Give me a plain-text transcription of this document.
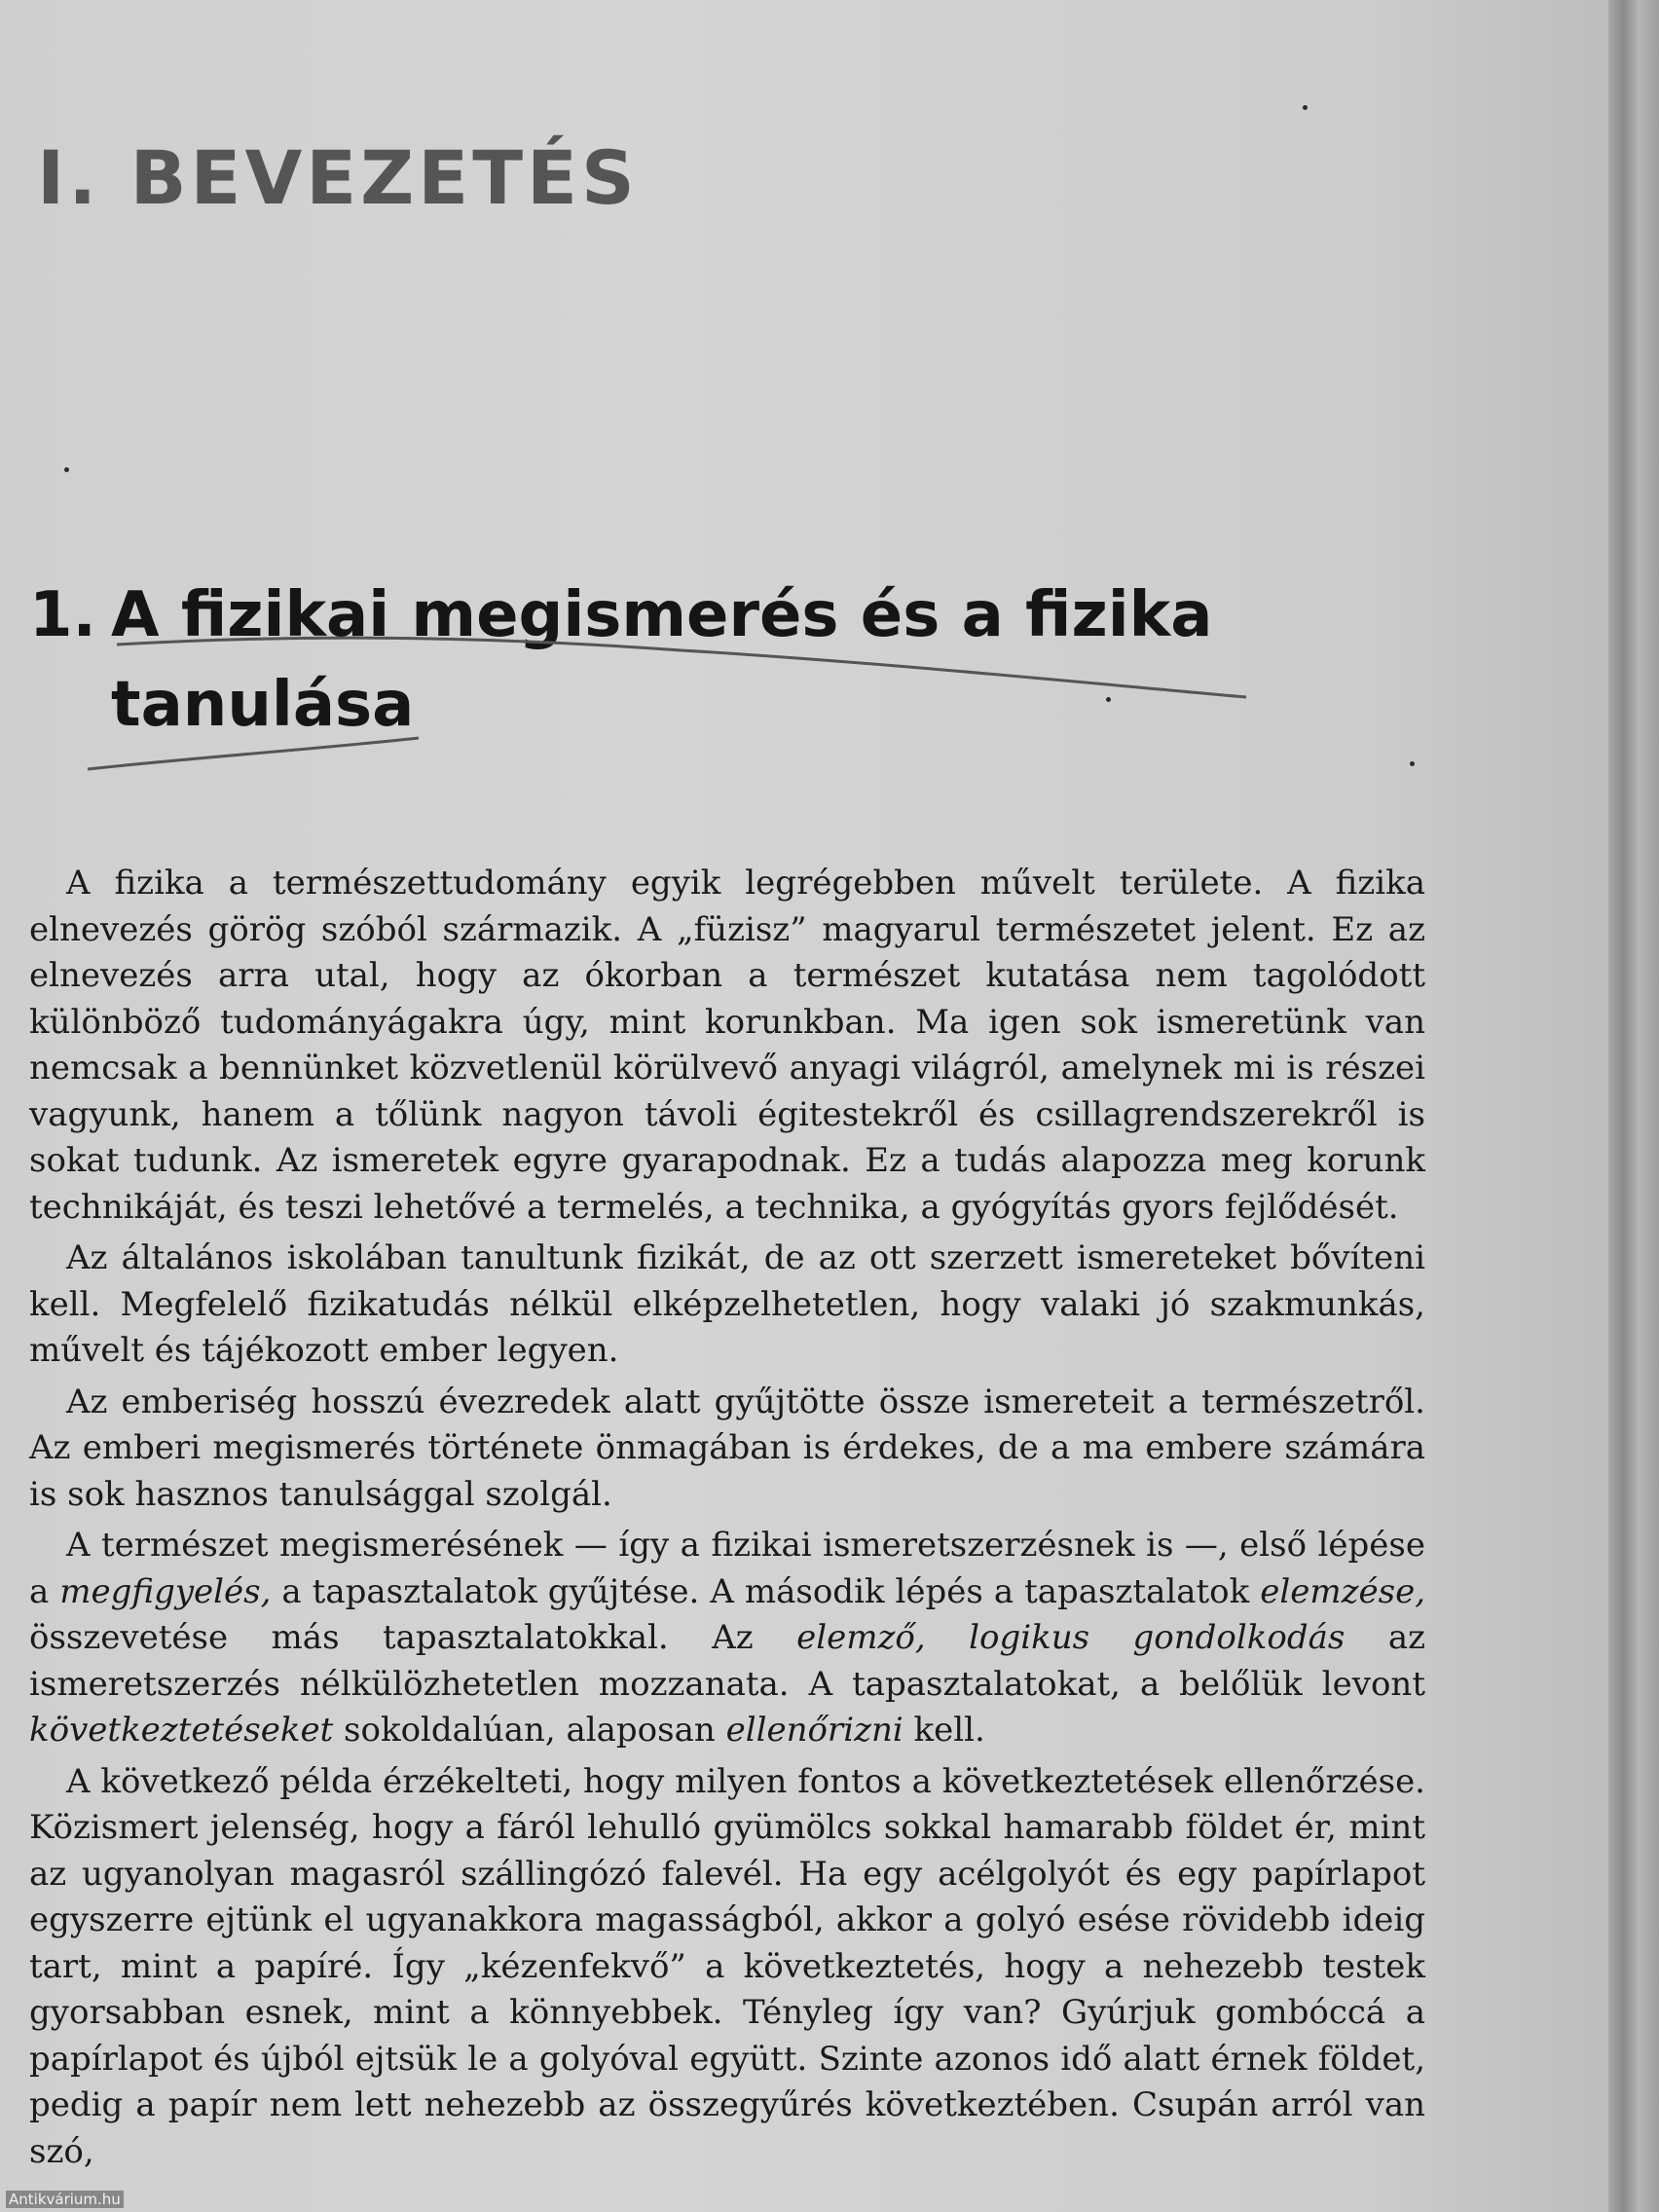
I. BEVEZETÉS
1. A fizikai megismerés és a fizika
tanulása

A fizika a természettudomány egyik legrégebben művelt területe. A fizika elnevezés görög szóból származik. A „füzisz” magyarul természetet jelent. Ez az elnevezés arra utal, hogy az ókorban a természet kutatása nem tagolódott különböző tudományágakra úgy, mint korunkban. Ma igen sok ismeretünk van nemcsak a bennünket közvetlenül körülvevő anyagi világról, amelynek mi is részei vagyunk, hanem a tőlünk nagyon távoli égitestekről és csillagrendszerekről is sokat tudunk. Az ismeretek egyre gyarapodnak. Ez a tudás alapozza meg korunk technikáját, és teszi lehetővé a termelés, a technika, a gyógyítás gyors fejlődését.

Az általános iskolában tanultunk fizikát, de az ott szerzett ismereteket bővíteni kell. Megfelelő fizikatudás nélkül elképzelhetetlen, hogy valaki jó szakmunkás, művelt és tájékozott ember legyen.

Az emberiség hosszú évezredek alatt gyűjtötte össze ismereteit a természetről. Az emberi megismerés története önmagában is érdekes, de a ma embere számára is sok hasznos tanulsággal szolgál.

A természet megismerésének — így a fizikai ismeretszerzésnek is —, első lépése a megfigyelés, a tapasztalatok gyűjtése. A második lépés a tapasztalatok elemzése, összevetése más tapasztalatokkal. Az elemző, logikus gondolkodás az ismeretszerzés nélkülözhetetlen mozzanata. A tapasztalatokat, a belőlük levont következtetéseket sokoldalúan, alaposan ellenőrizni kell.

A következő példa érzékelteti, hogy milyen fontos a következtetések ellenőrzése. Közismert jelenség, hogy a fáról lehulló gyümölcs sokkal hamarabb földet ér, mint az ugyanolyan magasról szállingózó falevél. Ha egy acélgolyót és egy papírlapot egyszerre ejtünk el ugyanakkora magasságból, akkor a golyó esése rövidebb ideig tart, mint a papíré. Így „kézenfekvő” a következtetés, hogy a nehezebb testek gyorsabban esnek, mint a könnyebbek. Tényleg így van? Gyúrjuk gombóccá a papírlapot és újból ejtsük le a golyóval együtt. Szinte azonos idő alatt érnek földet, pedig a papír nem lett nehezebb az összegyűrés következtében. Csupán arról van szó,

Antikvárium.hu
